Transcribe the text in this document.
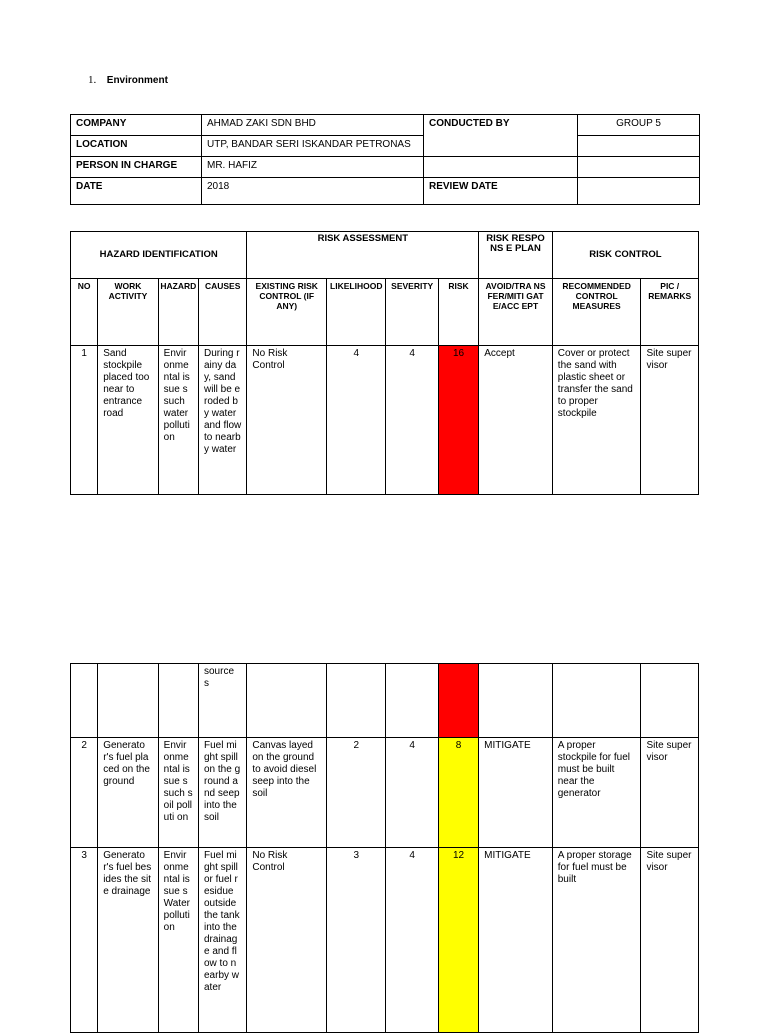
1. Environment
COMPANY	AHMAD ZAKI SDN BHD	CONDUCTED BY	GROUP 5
LOCATION	UTP, BANDAR SERI ISKANDAR PETRONAS		
PERSON IN CHARGE	MR. HAFIZ		
DATE	2018	REVIEW DATE	
HAZARD IDENTIFICATION				RISK ASSESSMENT				RISK RESPONS E PLAN	RISK CONTROL	
NO	WORK ACTIVITY	HAZARD	CAUSES	EXISTING RISK CONTROL (IF ANY)	LIKELIHOOD	SEVERITY	RISK	AVOID/TRA NSFER/MITI GATE/ACC EPT	RECOMMENDED CONTROL MEASURES	PIC / REMARKS
1	Sand stockpile placed too near to entrance road	Envir onme ntal issue s such water polluti on	During rainy day, sand will be eroded by water and flow to nearby water	No Risk Control	4	4	16	Accept	Cover or protect the sand with plastic sheet or transfer the sand to proper stockpile	Site super visor
			source s							
2	Generator's fuel placed on the ground	Envir onme ntal issue s such soil polluti on	Fuel might spill on the ground and seep into the soil	Canvas layed on the ground to avoid diesel seep into the soil	2	4	8	MITIGATE	A proper stockpile for fuel must be built near the generator	Site super visor
3	Generator's fuel besides the site drainage	Envir onme ntal issue s Water polluti on	Fuel might spill or fuel residue outside the tank into the drainag e and flow to nearby water	No Risk Control	3	4	12	MITIGATE	A proper storage for fuel must be built	Site super visor
